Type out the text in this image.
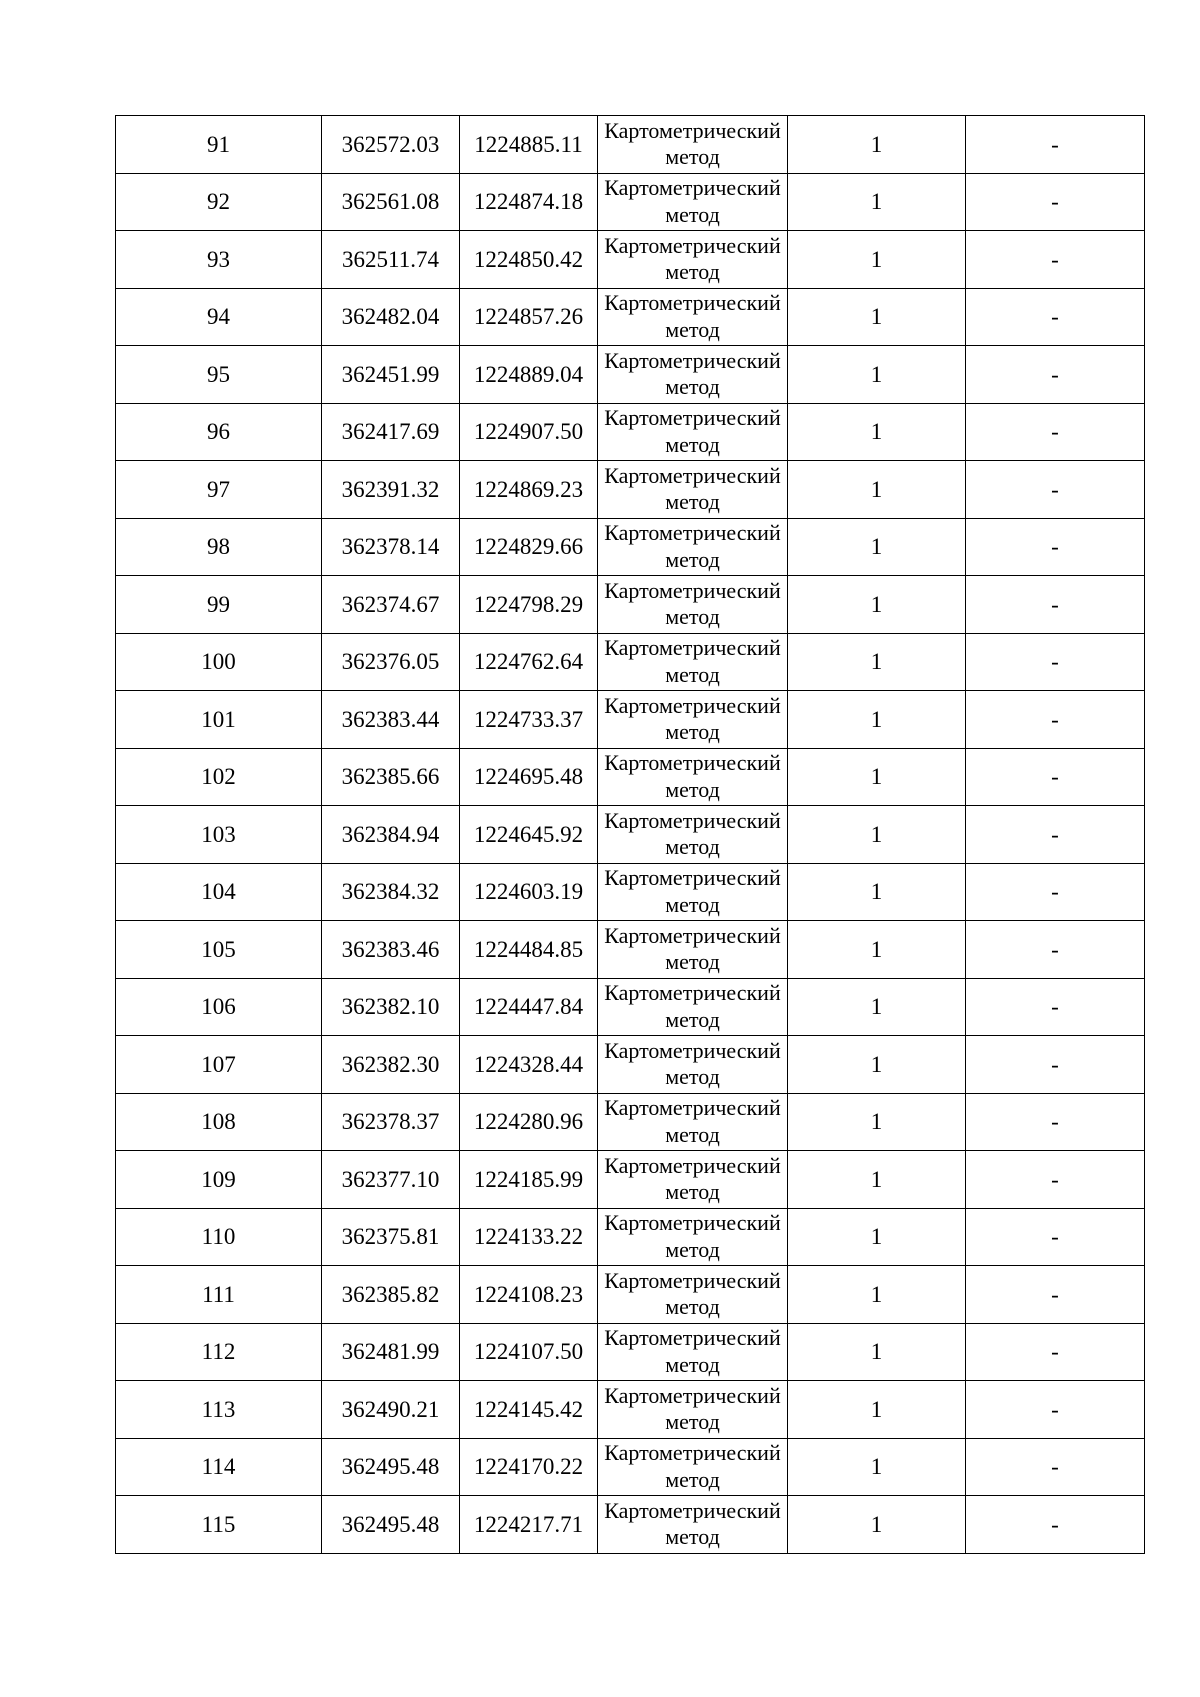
91	362572.03	1224885.11	Картометрический метод	1	-
92	362561.08	1224874.18	Картометрический метод	1	-
93	362511.74	1224850.42	Картометрический метод	1	-
94	362482.04	1224857.26	Картометрический метод	1	-
95	362451.99	1224889.04	Картометрический метод	1	-
96	362417.69	1224907.50	Картометрический метод	1	-
97	362391.32	1224869.23	Картометрический метод	1	-
98	362378.14	1224829.66	Картометрический метод	1	-
99	362374.67	1224798.29	Картометрический метод	1	-
100	362376.05	1224762.64	Картометрический метод	1	-
101	362383.44	1224733.37	Картометрический метод	1	-
102	362385.66	1224695.48	Картометрический метод	1	-
103	362384.94	1224645.92	Картометрический метод	1	-
104	362384.32	1224603.19	Картометрический метод	1	-
105	362383.46	1224484.85	Картометрический метод	1	-
106	362382.10	1224447.84	Картометрический метод	1	-
107	362382.30	1224328.44	Картометрический метод	1	-
108	362378.37	1224280.96	Картометрический метод	1	-
109	362377.10	1224185.99	Картометрический метод	1	-
110	362375.81	1224133.22	Картометрический метод	1	-
111	362385.82	1224108.23	Картометрический метод	1	-
112	362481.99	1224107.50	Картометрический метод	1	-
113	362490.21	1224145.42	Картометрический метод	1	-
114	362495.48	1224170.22	Картометрический метод	1	-
115	362495.48	1224217.71	Картометрический метод	1	-
